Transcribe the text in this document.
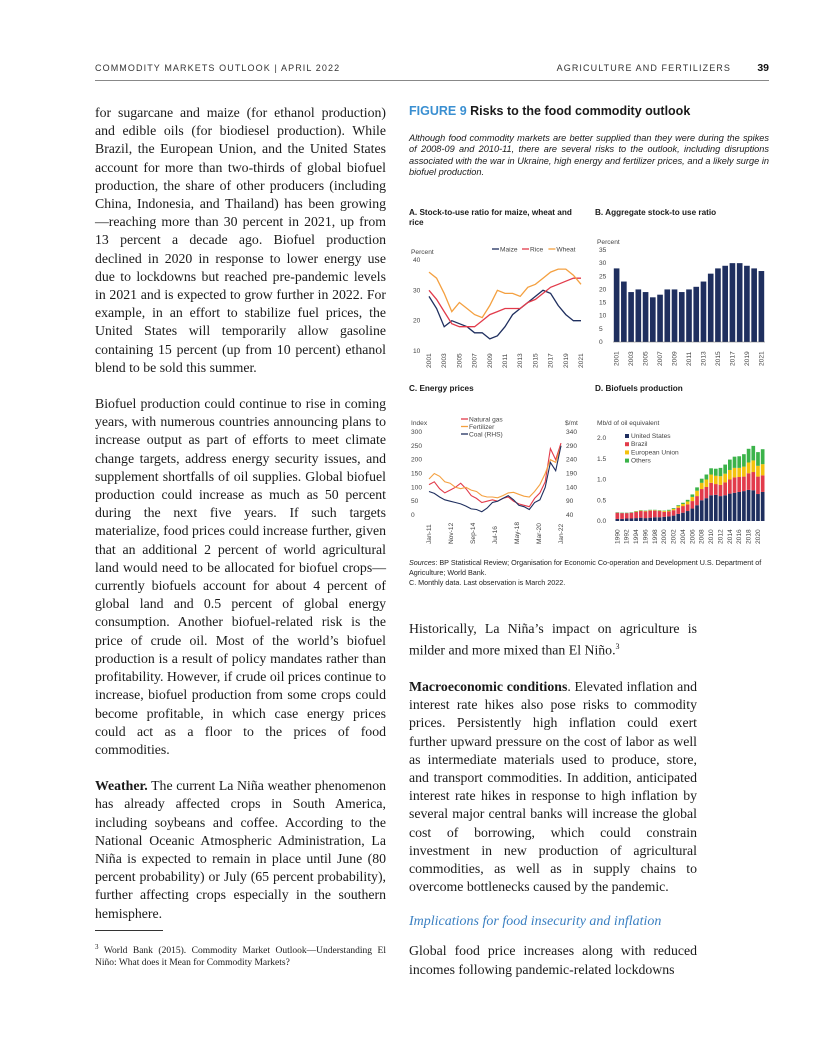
COMMODITY MARKETS OUTLOOK | APRIL 2022	AGRICULTURE AND FERTILIZERS	39

for sugarcane and maize (for ethanol production) and edible oils (for biodiesel production). While Brazil, the European Union, and the United States account for more than two-thirds of global biofuel production, the share of other producers (including China, Indonesia, and Thailand) has been growing—reaching more than 30 percent in 2021, up from 13 percent a decade ago. Biofuel production declined in 2020 in response to lower energy use due to lockdowns but reached pre-pandemic levels in 2021 and is expected to grow further in 2022. For example, in an effort to stabilize fuel prices, the United States will temporarily allow gasoline containing 15 percent (up from 10 percent) ethanol blend to be sold this summer.

Biofuel production could continue to rise in coming years, with numerous countries announcing plans to increase output as part of efforts to meet climate change targets, address energy security issues, and supplement shortfalls of oil supplies. Global biofuel production could increase as much as 50 percent during the next five years. If such targets materialize, food prices could increase further, given that an additional 2 percent of world agricultural land would need to be allocated for biofuel crops—currently biofuels account for about 4 percent of global land and 0.5 percent of global energy consumption. Another biofuel-related risk is the price of crude oil. Most of the world’s biofuel production is a result of policy mandates rather than profitability. However, if crude oil prices continue to increase, biofuel production from some crops could become profitable, in which case energy prices could act as a floor to the prices of food commodities.

Weather. The current La Niña weather phenomenon has already affected crops in South America, including soybeans and coffee. According to the National Oceanic Atmospheric Administration, La Niña is expected to remain in place until June (80 percent probability) or July (65 percent probability), further affecting crops especially in the southern hemisphere.

$^3$ World Bank (2015). Commodity Market Outlook—Understanding El Niño: What does it Mean for Commodity Markets?
FIGURE 9 Risks to the food commodity outlook
Although food commodity markets are better supplied than they were during the spikes of 2008-09 and 2010-11, there are several risks to the outlook, including disruptions associated with the war in Ukraine, high energy and fertilizer prices, and a likely surge in biofuel production.
A. Stock-to-use ratio for maize, wheat and rice
Percent
10
20
30
40
2001 2003 2005 2007 2009 2011 2013 2015 2017 2019 2021
Maize Rice Wheat
B. Aggregate stock-to use ratio
Percent
0
5
10
15
20
25
30
35
2001 2003 2005 2007 2009 2011 2013 2015 2017 2019 2021
C. Energy prices
Index	$/mt
0
50
100
150
200
250
300
40
90
140
190
240
290
340
Jan-11 Nov-12 Sep-14 Jul-16 May-18 Mar-20 Jan-22
Natural gas
Fertilizer
Coal (RHS)
D. Biofuels production
Mb/d of oil equivalent
0.0
0.5
1.0
1.5
2.0
1990 1992 1994 1996 1998 2000 2002 2004 2006 2008 2010 2012 2014 2016 2018 2020
United States
Brazil
European Union
Others
Sources: BP Statistical Review; Organisation for Economic Co-operation and Development U.S. Department of Agriculture; World Bank.
C. Monthly data. Last observation is March 2022.

Historically, La Niña’s impact on agriculture is milder and more mixed than El Niño.$^3$

Macroeconomic conditions. Elevated inflation and interest rate hikes also pose risks to commodity prices. Persistently high inflation could exert further upward pressure on the cost of labor as well as intermediate materials used to produce, store, and transport commodities. In addition, anticipated interest rate hikes in response to high inflation by several major central banks will increase the global cost of borrowing, which could constrain investment in new production of agricultural commodities, as well as in supply chains to overcome bottlenecks caused by the pandemic.

Implications for food insecurity and inflation

Global food price increases along with reduced incomes following pandemic-related lockdowns
